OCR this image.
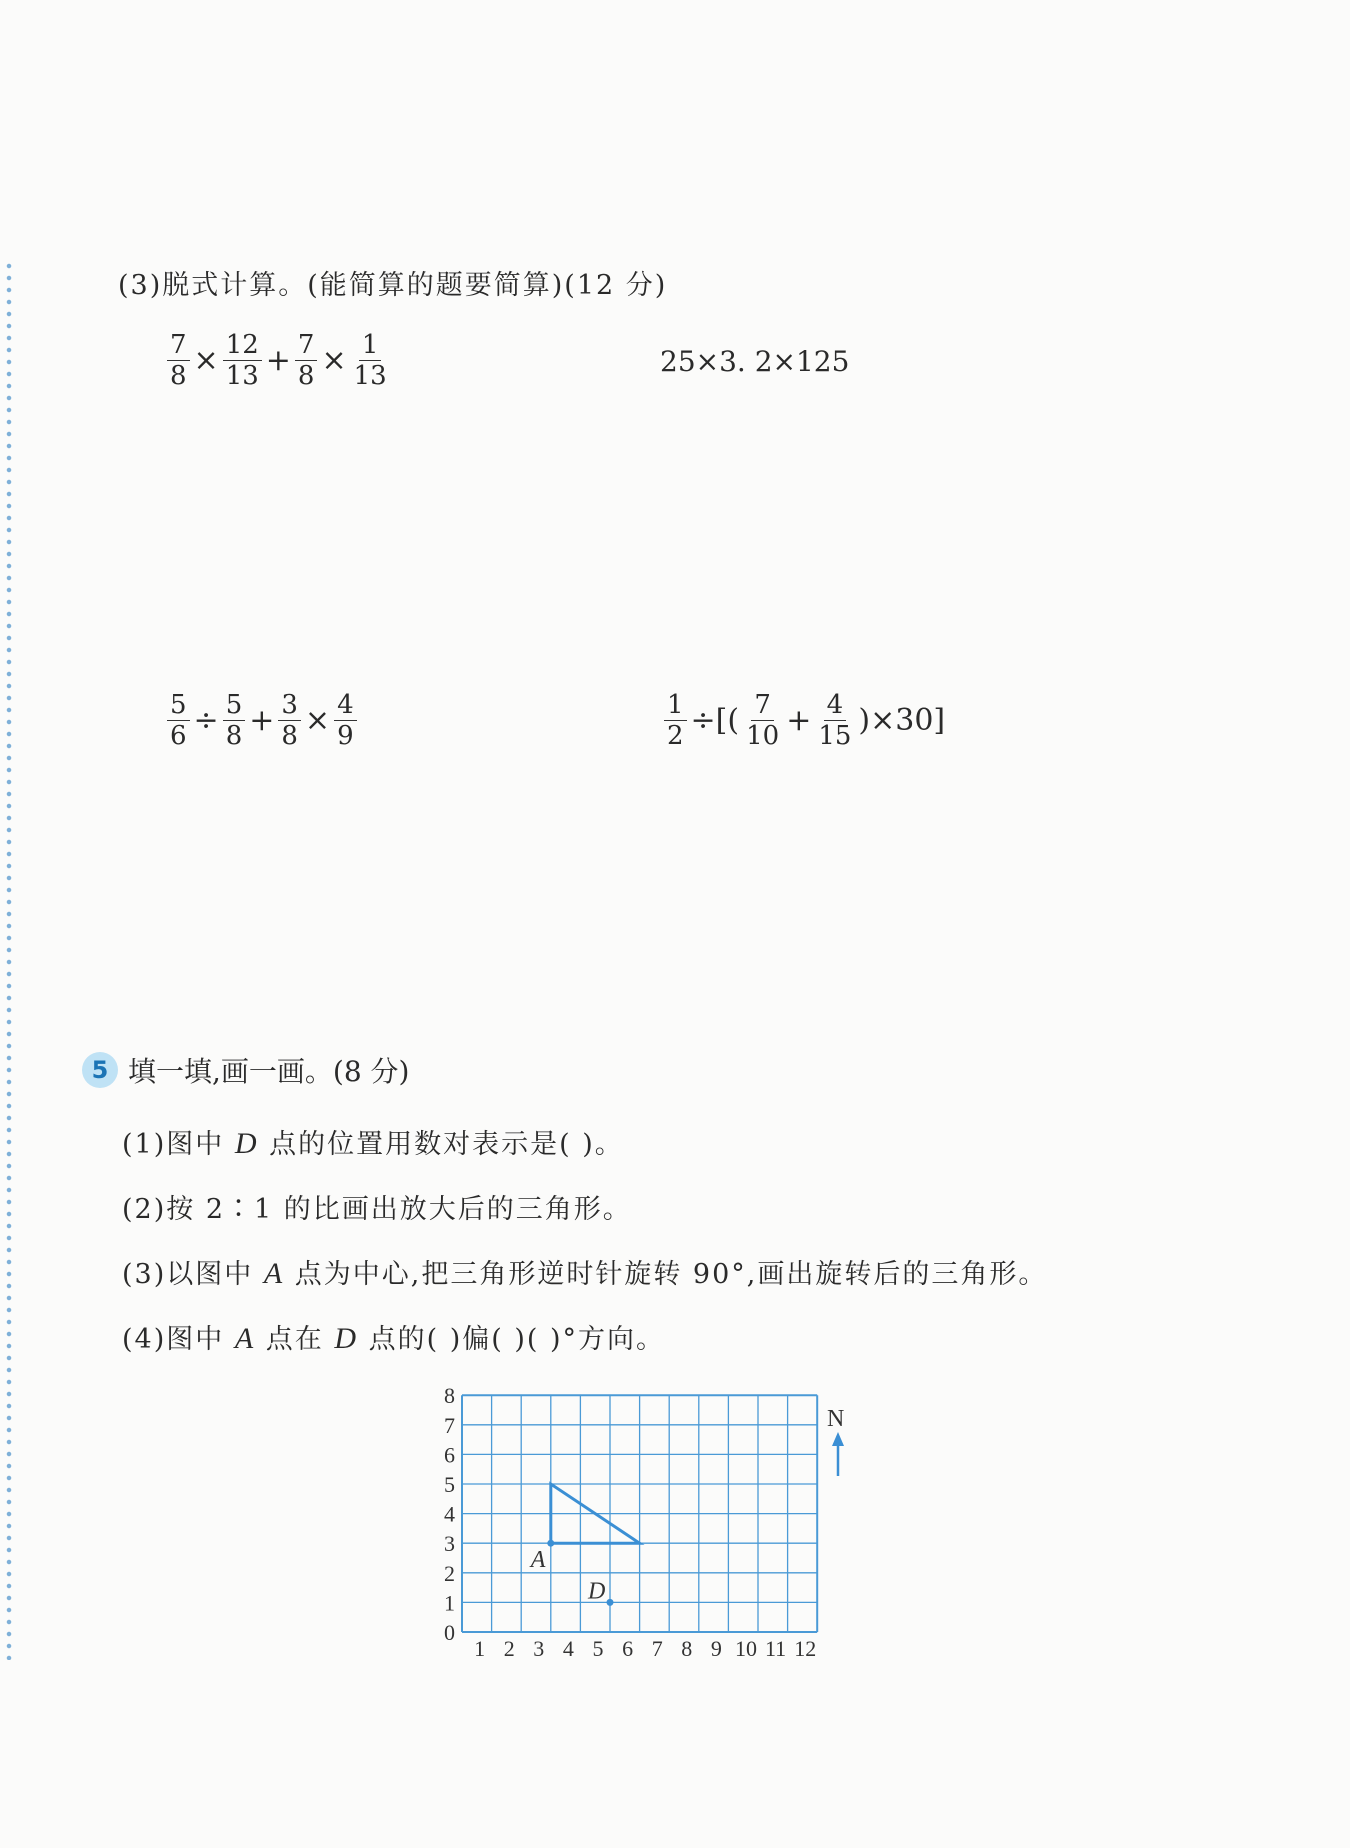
(3)脱式计算。(能简算的题要简算)(12 分)
$\frac{7}{8} \times \frac{12}{13} + \frac{7}{8} \times \frac{1}{13}$	25×3. 2×125
$\frac{5}{6} \div \frac{5}{8} + \frac{3}{8} \times \frac{4}{9}$	$\frac{1}{2}$ ÷[( $\frac{7}{10} + \frac{4}{15} )\times 30$]
5 填一填,画一画。(8 分)
(1)图中 D 点的位置用数对表示是( )。
(2)按 2∶1 的比画出放大后的三角形。
(3)以图中 A 点为中心,把三角形逆时针旋转 90°,画出旋转后的三角形。
(4)图中 A 点在 D 点的( )偏( )( )°方向。
0
1
2
3
4
5
6
7
8
1 2 3 4 5 6 7 8 9 10 11 12
A
D
N
